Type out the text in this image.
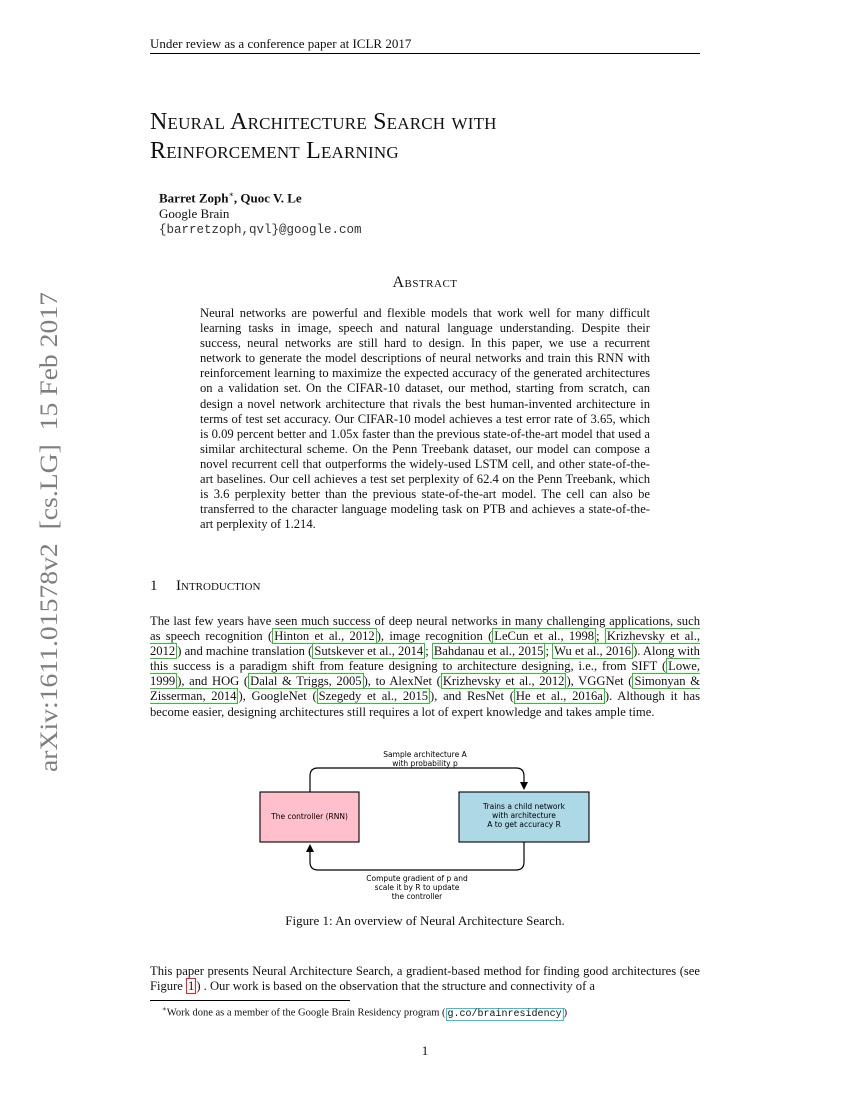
Under review as a conference paper at ICLR 2017
arXiv:1611.01578v2  [cs.LG]  15 Feb 2017
Neural Architecture Search with
Reinforcement Learning
Barret Zoph∗, Quoc V. Le
Google Brain
{barretzoph,qvl}@google.com
Abstract

Neural networks are powerful and flexible models that work well for many difficult learning tasks in image, speech and natural language understanding. Despite their success, neural networks are still hard to design. In this paper, we use a recurrent network to generate the model descriptions of neural networks and train this RNN with reinforcement learning to maximize the expected accuracy of the generated architectures on a validation set. On the CIFAR-10 dataset, our method, starting from scratch, can design a novel network architecture that rivals the best human-invented architecture in terms of test set accuracy. Our CIFAR-10 model achieves a test error rate of 3.65, which is 0.09 percent better and 1.05x faster than the previous state-of-the-art model that used a similar architectural scheme. On the Penn Treebank dataset, our model can compose a novel recurrent cell that outperforms the widely-used LSTM cell, and other state-of-the-art baselines. Our cell achieves a test set perplexity of 62.4 on the Penn Treebank, which is 3.6 perplexity better than the previous state-of-the-art model. The cell can also be transferred to the character language modeling task on PTB and achieves a state-of-the-art perplexity of 1.214.

1 Introduction

The last few years have seen much success of deep neural networks in many challenging applications, such as speech recognition ( Hinton et al., 2012 ), image recognition ( LeCun et al., 1998 ; Krizhevsky et al., 2012 ) and machine translation ( Sutskever et al., 2014 ; Bahdanau et al., 2015 ; Wu et al., 2016 ). Along with this success is a paradigm shift from feature designing to architecture designing, i.e., from SIFT ( Lowe, 1999 ), and HOG ( Dalal & Triggs, 2005 ), to AlexNet ( Krizhevsky et al., 2012 ), VGGNet ( Simonyan & Zisserman, 2014 ), GoogleNet ( Szegedy et al., 2015 ), and ResNet ( He et al., 2016a ). Although it has become easier, designing architectures still requires a lot of expert knowledge and takes ample time.

Sample architecture A
with probability p
The controller (RNN)
Trains a child network
with architecture
A to get accuracy R
Compute gradient of p and
scale it by R to update
the controller
Figure 1: An overview of Neural Architecture Search.

This paper presents Neural Architecture Search, a gradient-based method for finding good architectures (see Figure 1 ) . Our work is based on the observation that the structure and connectivity of a

∗Work done as a member of the Google Brain Residency program ( g.co/brainresidency )
1
